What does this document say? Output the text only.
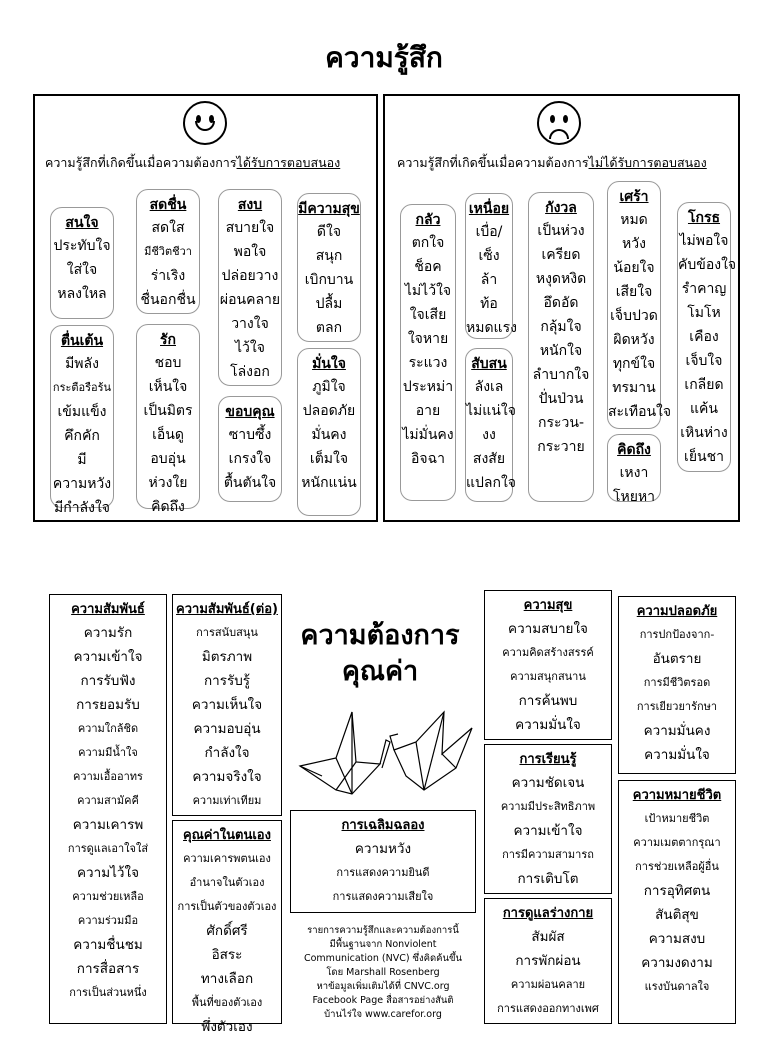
ความรู้สึก
ความรู้สึกที่เกิดขึ้นเมื่อความต้องการได้รับการตอบสนอง
สนใจ
ประทับใจ
ใส่ใจ
หลงใหล
ตื่นเต้น
มีพลัง
กระตือรือร้น
เข้มแข็ง
คึกคัก
มี
ความหวัง
มีกำลังใจ
สดชื่น
สดใส
มีชีวิตชีวา
ร่าเริง
ชื่นอกชื่น
รัก
ชอบ
เห็นใจ
เป็นมิตร
เอ็นดู
อบอุ่น
ห่วงใย
คิดถึง
สงบ
สบายใจ
พอใจ
ปล่อยวาง
ผ่อนคลาย
วางใจ
ไว้ใจ
โล่งอก
ขอบคุณ
ซาบซึ้ง
เกรงใจ
ตื้นตันใจ
มีความสุข
ดีใจ
สนุก
เบิกบาน
ปลื้ม
ตลก
มั่นใจ
ภูมิใจ
ปลอดภัย
มั่นคง
เต็มใจ
หนักแน่น
ความรู้สึกที่เกิดขึ้นเมื่อความต้องการไม่ได้รับการตอบสนอง
กลัว
ตกใจ
ช็อค
ไม่ไว้ใจ
ใจเสีย
ใจหาย
ระแวง
ประหม่า
อาย
ไม่มั่นคง
อิจฉา
เหนื่อย
เบื่อ/
เซ็ง
ล้า
ท้อ
หมดแรง
สับสน
ลังเล
ไม่แน่ใจ
งง
สงสัย
แปลกใจ
กังวล
เป็นห่วง
เครียด
หงุดหงิด
อึดอัด
กลุ้มใจ
หนักใจ
ลำบากใจ
ปั่นป่วน
กระวน-
กระวาย
เศร้า
หมด
หวัง
น้อยใจ
เสียใจ
เจ็บปวด
ผิดหวัง
ทุกข์ใจ
ทรมาน
สะเทือนใจ
คิดถึง
เหงา
โหยหา
โกรธ
ไม่พอใจ
คับข้องใจ
รำคาญ
โมโห
เคือง
เจ็บใจ
เกลียด
แค้น
เหินห่าง
เย็นชา
ความต้องการ
คุณค่า
ความสัมพันธ์
ความรัก
ความเข้าใจ
การรับฟัง
การยอมรับ
ความใกล้ชิด
ความมีน้ำใจ
ความเอื้ออาทร
ความสามัคคี
ความเคารพ
การดูแลเอาใจใส่
ความไว้ใจ
ความช่วยเหลือ
ความร่วมมือ
ความชื่นชม
การสื่อสาร
การเป็นส่วนหนึ่ง
ความสัมพันธ์(ต่อ)
การสนับสนุน
มิตรภาพ
การรับรู้
ความเห็นใจ
ความอบอุ่น
กำลังใจ
ความจริงใจ
ความเท่าเทียม
คุณค่าในตนเอง
ความเคารพตนเอง
อำนาจในตัวเอง
การเป็นตัวของตัวเอง
ศักดิ์ศรี
อิสระ
ทางเลือก
พื้นที่ของตัวเอง
พึ่งตัวเอง
การเฉลิมฉลอง
ความหวัง
การแสดงความยินดี
การแสดงความเสียใจ
ความสุข
ความสบายใจ
ความคิดสร้างสรรค์
ความสนุกสนาน
การค้นพบ
ความมั่นใจ
การเรียนรู้
ความชัดเจน
ความมีประสิทธิภาพ
ความเข้าใจ
การมีความสามารถ
การเติบโต
การดูแลร่างกาย
สัมผัส
การพักผ่อน
ความผ่อนคลาย
การแสดงออกทางเพศ
ความปลอดภัย
การปกป้องจาก-
อันตราย
การมีชีวิตรอด
การเยียวยารักษา
ความมั่นคง
ความมั่นใจ
ความหมายชีวิต
เป้าหมายชีวิต
ความเมตตากรุณา
การช่วยเหลือผู้อื่น
การอุทิศตน
สันติสุข
ความสงบ
ความงดงาม
แรงบันดาลใจ
รายการความรู้สึกและความต้องการนี้
มีพื้นฐานจาก Nonviolent
Communication (NVC) ซึ่งคิดค้นขึ้น
โดย Marshall Rosenberg
หาข้อมูลเพิ่มเติมได้ที่ CNVC.org
Facebook Page สื่อสารอย่างสันติ
บ้านไร่ใจ www.carefor.org
